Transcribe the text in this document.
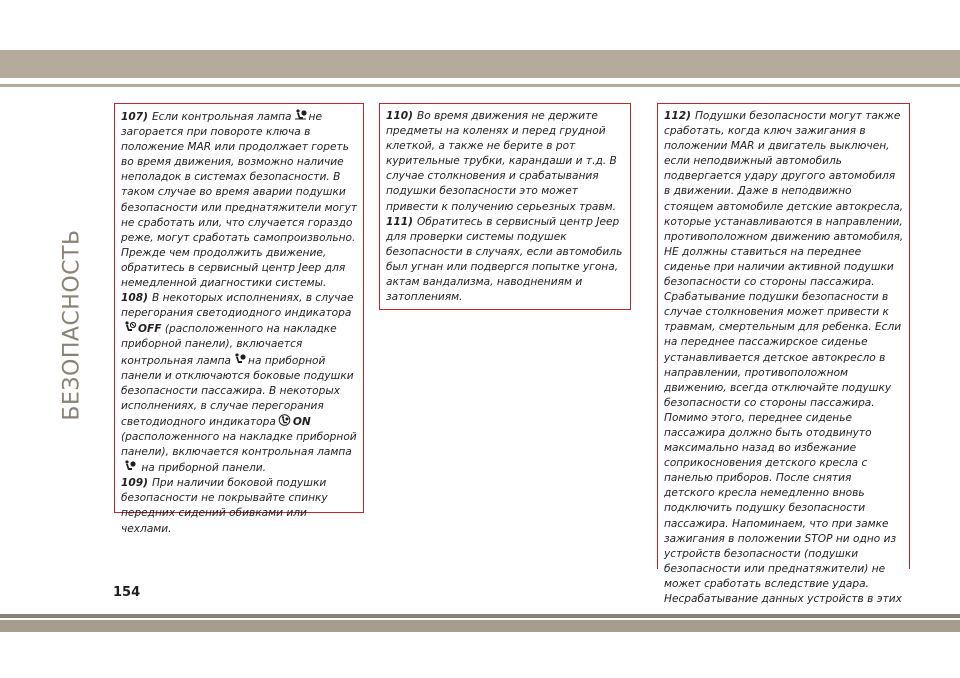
БЕЗОПАСНОСТЬ
107) Если контрольная лампа не загорается при повороте ключа в положение MAR или продолжает гореть во время движения, возможно наличие неполадок в системах безопасности. В таком случае во время аварии подушки безопасности или преднатяжители могут не сработать или, что случается гораздо реже, могут сработать самопроизвольно. Прежде чем продолжить движение, обратитесь в сервисный центр Jeep для немедленной диагностики системы.
108) В некоторых исполнениях, в случае перегорания светодиодного индикатора

OFF (расположенного на накладке приборной панели), включается контрольная лампа на приборной панели и отключаются боковые подушки безопасности пассажира. В некоторых исполнениях, в случае перегорания светодиодного индикатора ON (расположенного на накладке приборной панели), включается контрольная лампа

на приборной панели.
109) При наличии боковой подушки безопасности не покрывайте спинку передних сидений обивками или чехлами.
110) Во время движения не держите предметы на коленях и перед грудной клеткой, а также не берите в рот курительные трубки, карандаши и т.д. В случае столкновения и срабатывания подушки безопасности это может привести к получению серьезных травм.
111) Обратитесь в сервисный центр Jeep для проверки системы подушек безопасности в случаях, если автомобиль был угнан или подвергся попытке угона, актам вандализма, наводнениям и затоплениям.
112) Подушки безопасности могут также сработать, когда ключ зажигания в положении MAR и двигатель выключен, если неподвижный автомобиль подвергается удару другого автомобиля в движении. Даже в неподвижно стоящем автомобиле детские автокресла, которые устанавливаются в направлении, противоположном движению автомобиля, НЕ должны ставиться на переднее сиденье при наличии активной подушки безопасности со стороны пассажира. Срабатывание подушки безопасности в случае столкновения может привести к травмам, смертельным для ребенка. Если на переднее пассажирское сиденье устанавливается детское автокресло в направлении, противоположном движению, всегда отключайте подушку безопасности со стороны пассажира. Помимо этого, переднее сиденье пассажира должно быть отодвинуто максимально назад во избежание соприкосновения детского кресла с панелью приборов. После снятия детского кресла немедленно вновь подключить подушку безопасности пассажира. Напоминаем, что при замке зажигания в положении STOP ни одно из устройств безопасности (подушки безопасности или преднатяжители) не может сработать вследствие удара. Несрабатывание данных устройств в этих
154
